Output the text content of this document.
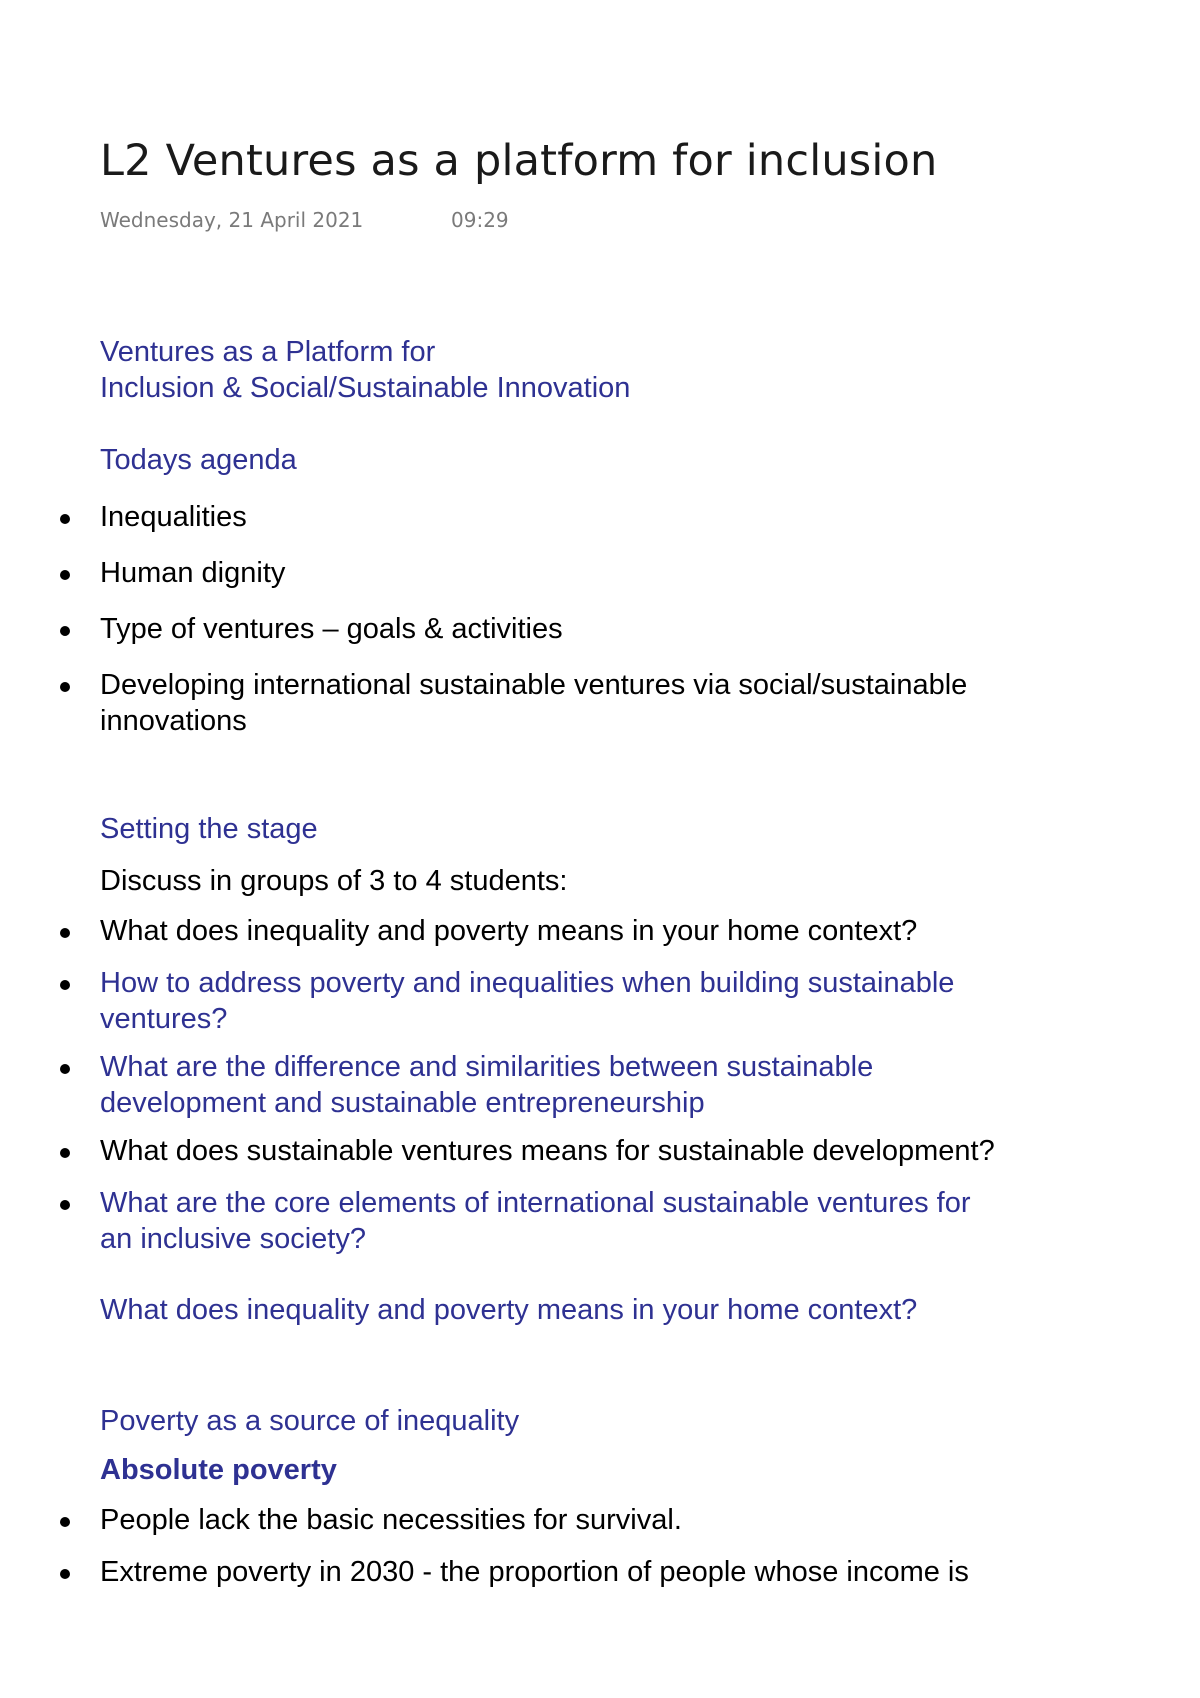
L2 Ventures as a platform for inclusion
Wednesday, 21 April 2021	09:29
Ventures as a Platform for
Inclusion & Social/Sustainable Innovation
Todays agenda
Inequalities
Human dignity
Type of ventures – goals & activities
Developing international sustainable ventures via social/sustainable
innovations
Setting the stage
Discuss in groups of 3 to 4 students:
What does inequality and poverty means in your home context?
How to address poverty and inequalities when building sustainable
ventures?
What are the difference and similarities between sustainable
development and sustainable entrepreneurship
What does sustainable ventures means for sustainable development?
What are the core elements of international sustainable ventures for
an inclusive society?
What does inequality and poverty means in your home context?
Poverty as a source of inequality
Absolute poverty
People lack the basic necessities for survival.
Extreme poverty in 2030 - the proportion of people whose income is
